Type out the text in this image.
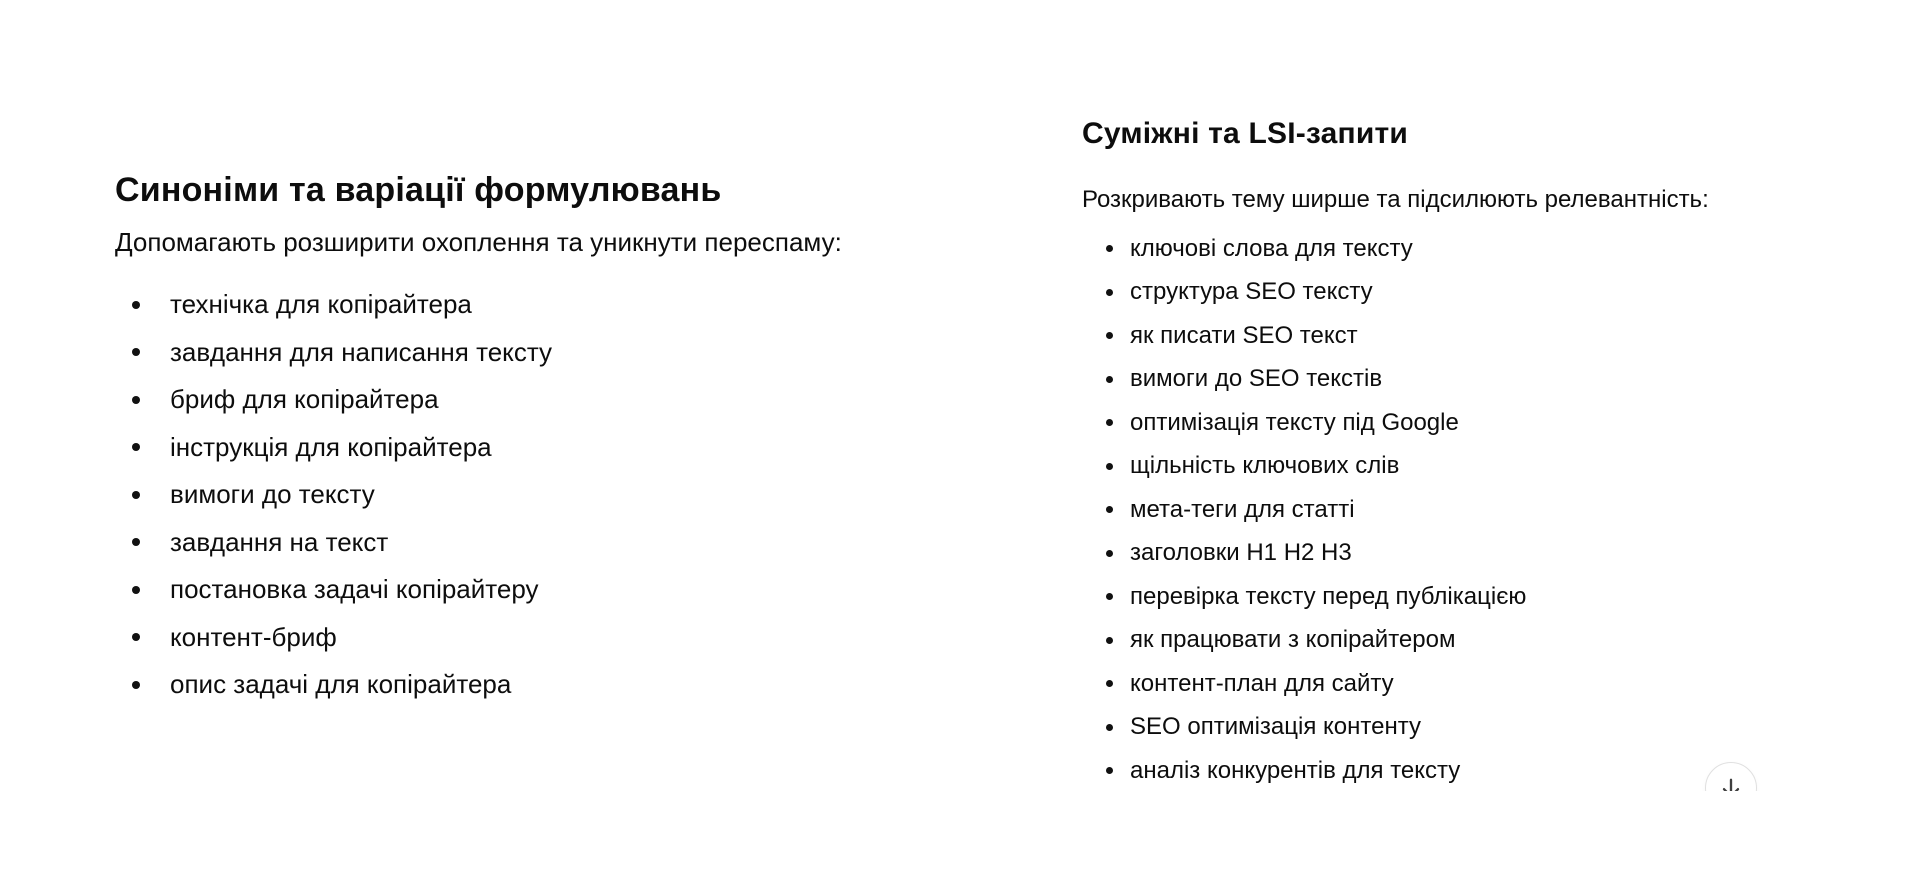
Синоніми та варіації формулювань

Допомагають розширити охоплення та уникнути переспаму:

технічка для копірайтера
завдання для написання тексту
бриф для копірайтера
інструкція для копірайтера
вимоги до тексту
завдання на текст
постановка задачі копірайтеру
контент-бриф
опис задачі для копірайтера
Суміжні та LSI-запити

Розкривають тему ширше та підсилюють релевантність:

ключові слова для тексту
структура SEO тексту
як писати SEO текст
вимоги до SEO текстів
оптимізація тексту під Google
щільність ключових слів
мета-теги для статті
заголовки H1 H2 H3
перевірка тексту перед публікацією
як працювати з копірайтером
контент-план для сайту
SEO оптимізація контенту
аналіз конкурентів для тексту
